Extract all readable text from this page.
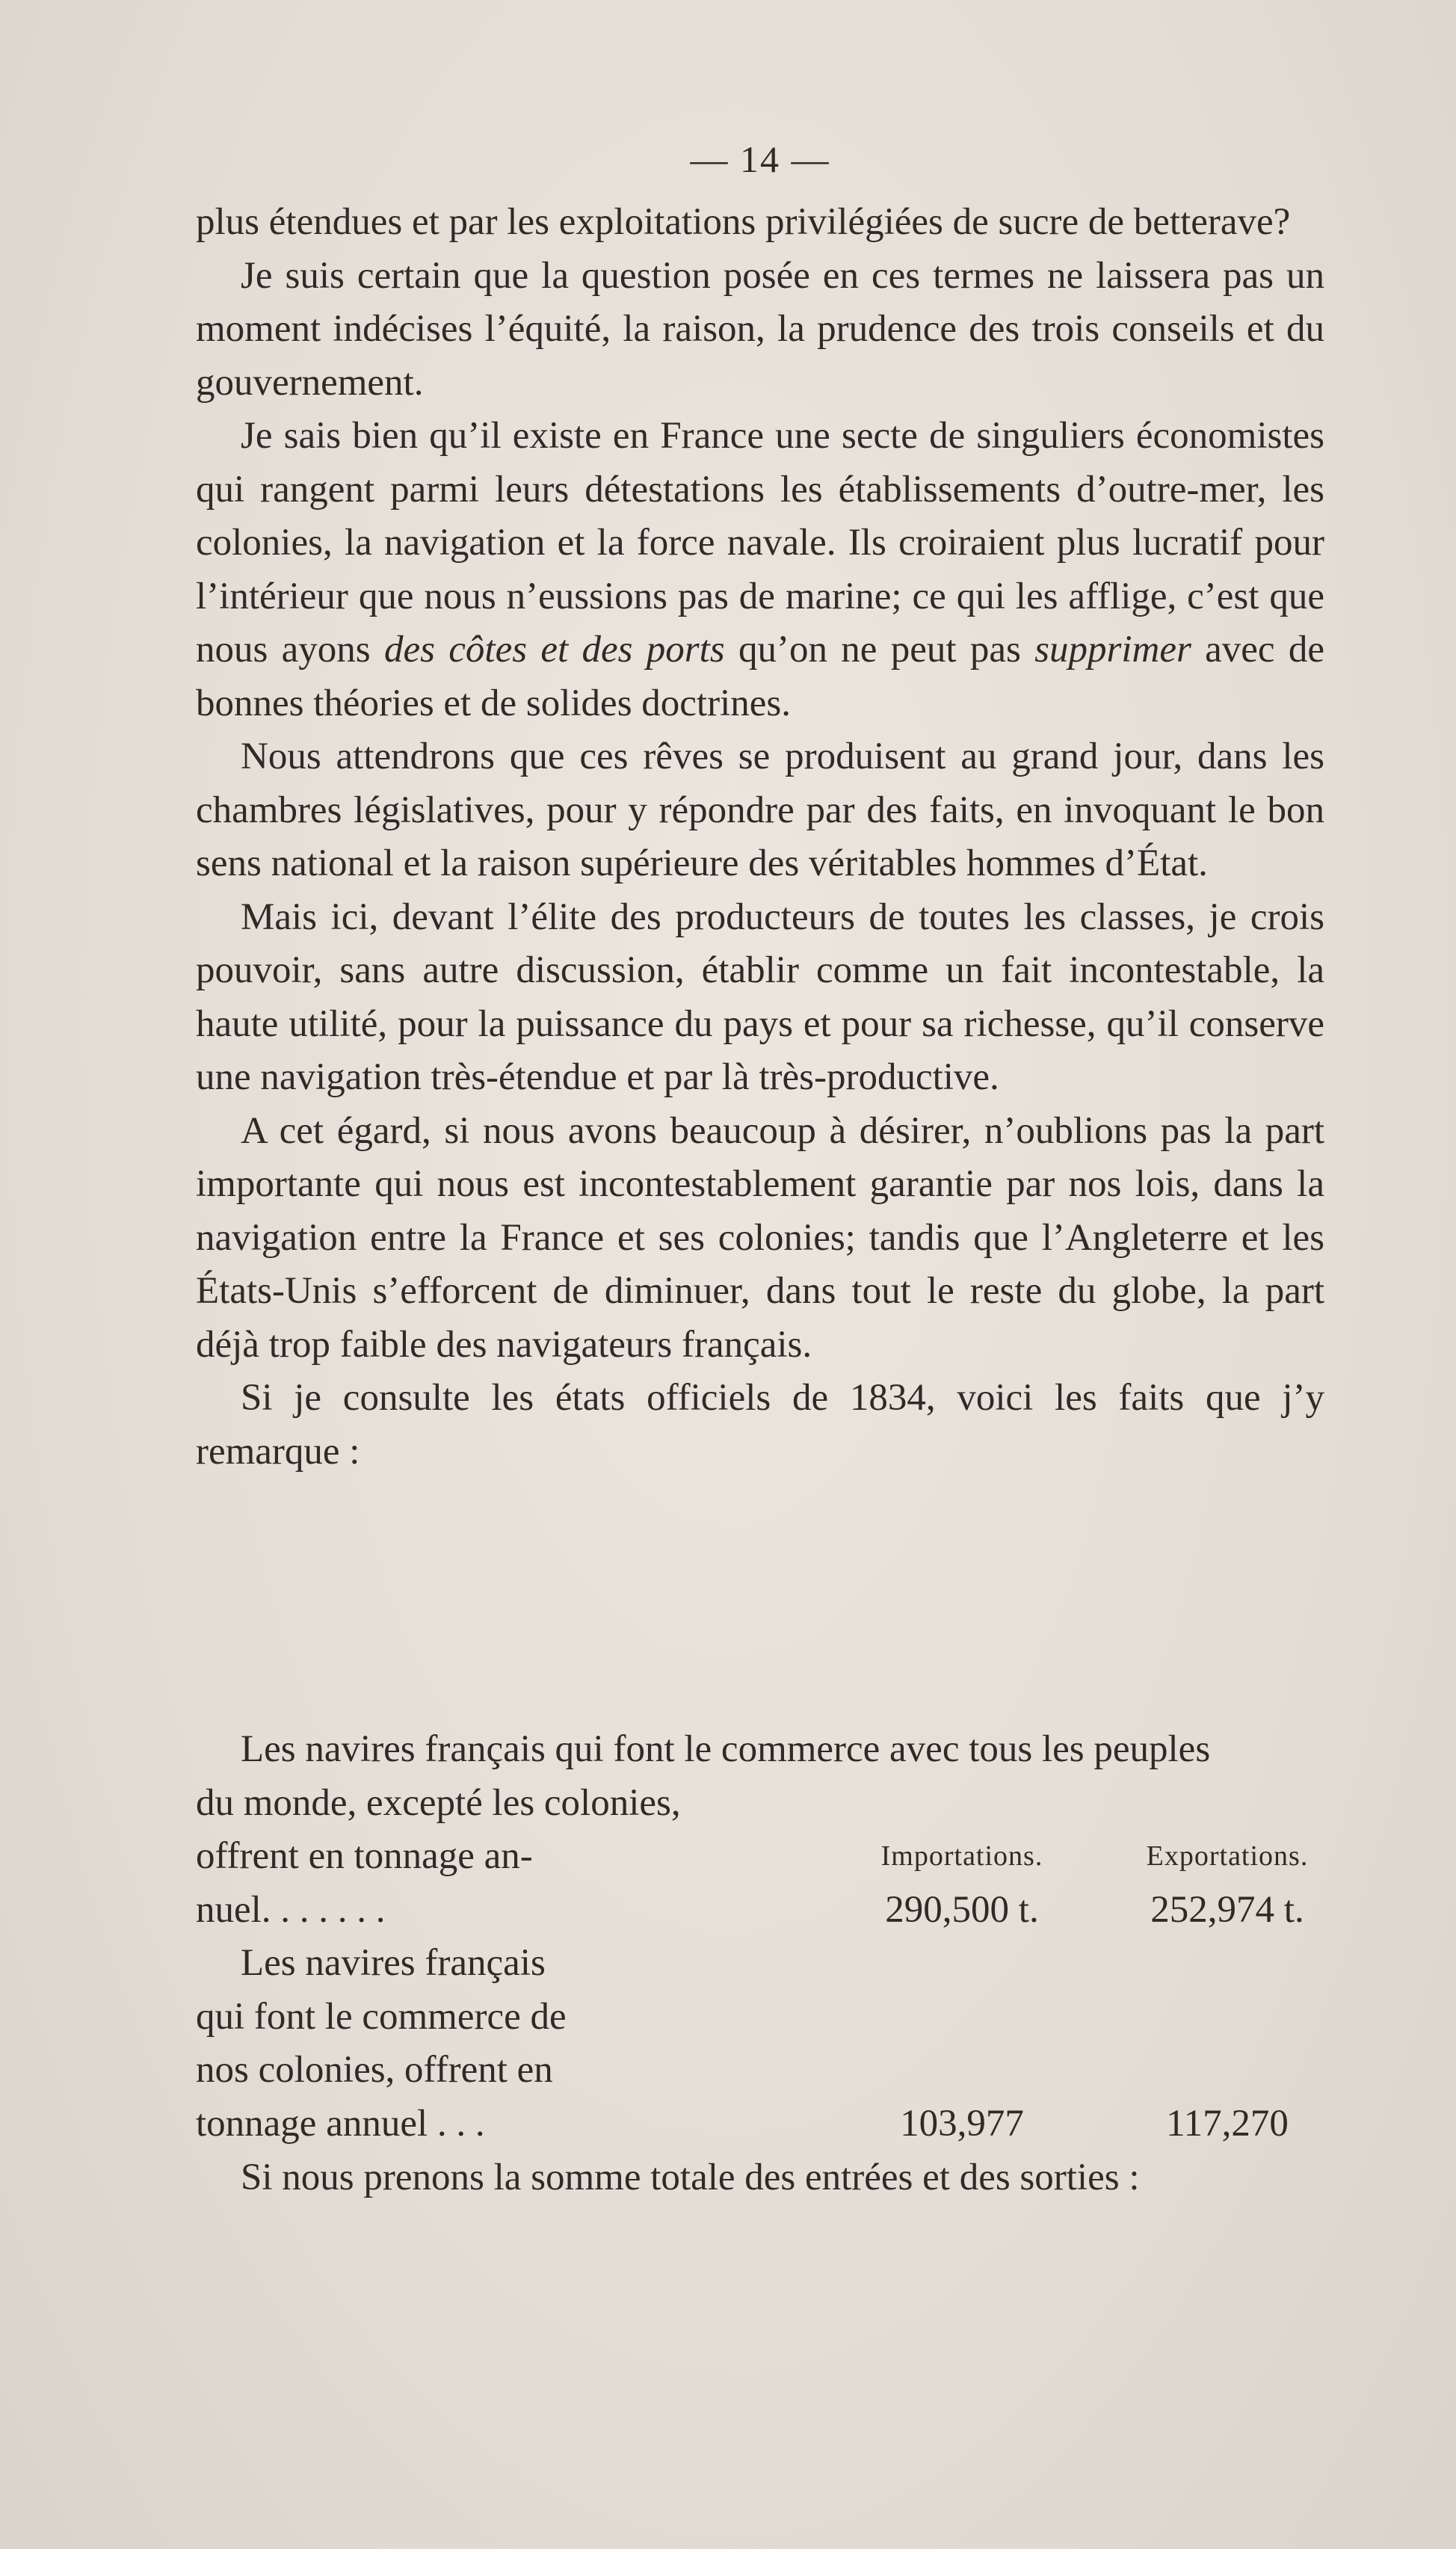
— 14 —

plus étendues et par les exploitations privilégiées de sucre de betterave?

Je suis certain que la question posée en ces termes ne laissera pas un moment indécises l’équité, la raison, la prudence des trois conseils et du gouvernement.

Je sais bien qu’il existe en France une secte de singuliers économistes qui rangent parmi leurs détestations les établissements d’outre-mer, les colonies, la navigation et la force navale. Ils croiraient plus lucratif pour l’intérieur que nous n’eussions pas de marine; ce qui les afflige, c’est que nous ayons des côtes et des ports qu’on ne peut pas supprimer avec de bonnes théories et de solides doctrines.

Nous attendrons que ces rêves se produisent au grand jour, dans les chambres législatives, pour y répondre par des faits, en invoquant le bon sens national et la raison supérieure des véritables hommes d’État.

Mais ici, devant l’élite des producteurs de toutes les classes, je crois pouvoir, sans autre discussion, établir comme un fait incontestable, la haute utilité, pour la puissance du pays et pour sa richesse, qu’il conserve une navigation très-étendue et par là très-productive.

A cet égard, si nous avons beaucoup à désirer, n’oublions pas la part importante qui nous est incontestablement garantie par nos lois, dans la navigation entre la France et ses colonies; tandis que l’Angleterre et les États-Unis s’efforcent de diminuer, dans tout le reste du globe, la part déjà trop faible des navigateurs français.

Si je consulte les états officiels de 1834, voici les faits que j’y remarque :

Les navires français qui font le commerce avec tous les peuples
du monde, excepté les colonies,
offrent en tonnage an-	Importations.	Exportations.
nuel. . . . . . .	290,500 t.	252,974 t.
Les navires français
qui font le commerce de
nos colonies, offrent en
tonnage annuel . . .	103,977	117,270
Si nous prenons la somme totale des entrées et des sorties :
